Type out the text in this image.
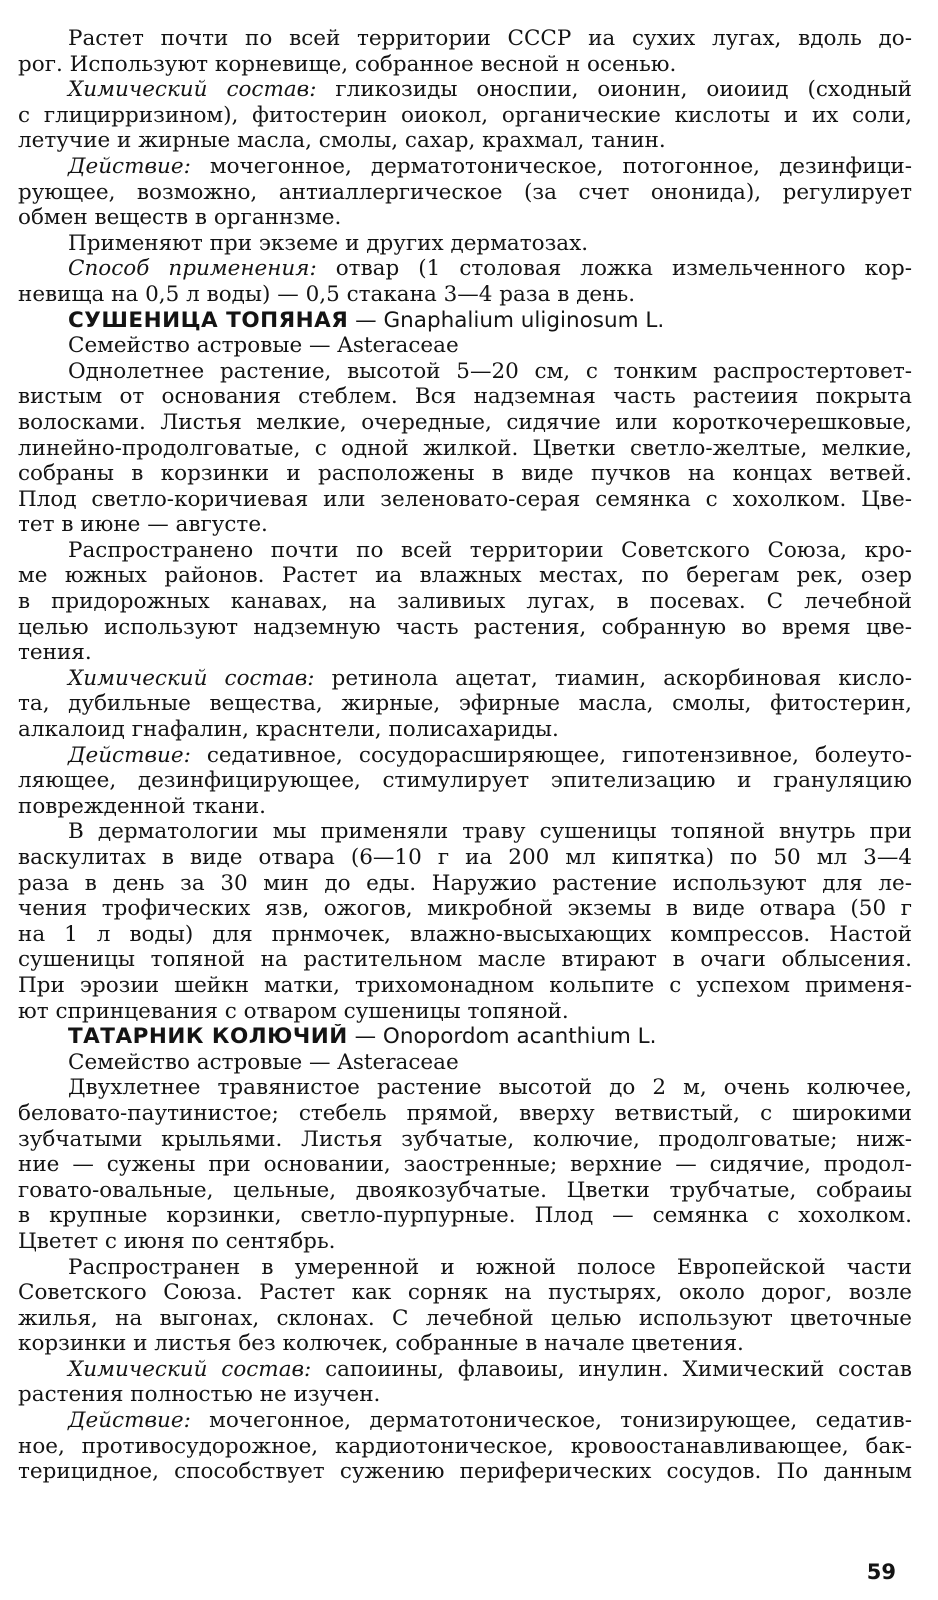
Растет почти по всей территории СССР иа сухих лугах, вдоль до-
рог. Используют корневище, собранное весной н осенью.
Химический состав: гликозиды оноспии, оионин, оиоиид (сходный
с глицирризином), фитостерин оиокол, органические кислоты и их соли,
летучие и жирные масла, смолы, сахар, крахмал, танин.
Действие: мочегонное, дерматотоническое, потогонное, дезинфици-
рующее, возможно, антиаллергическое (за счет ононида), регулирует
обмен веществ в органнзме.
Применяют при экземе и других дерматозах.
Способ применения: отвар (1 столовая ложка измельченного кор-
невища на 0,5 л воды) — 0,5 стакана 3—4 раза в день.
СУШЕНИЦА ТОПЯНАЯ — Gnaphalium uliginosum L.
Семейство астровые — Asteraceae
Однолетнее растение, высотой 5—20 см, с тонким распростертовет-
вистым от основания стеблем. Вся надземная часть растеиия покрыта
волосками. Листья мелкие, очередные, сидячие или короткочерешковые,
линейно-продолговатые, с одной жилкой. Цветки светло-желтые, мелкие,
собраны в корзинки и расположены в виде пучков на концах ветвей.
Плод светло-коричиевая или зеленовато-серая семянка с хохолком. Цве-
тет в июне — августе.
Распространено почти по всей территории Советского Союза, кро-
ме южных районов. Растет иа влажных местах, по берегам рек, озер
в придорожных канавах, на заливиых лугах, в посевах. С лечебной
целью используют надземную часть растения, собранную во время цве-
тения.
Химический состав: ретинола ацетат, тиамин, аскорбиновая кислo-
та, дубильные вещества, жирные, эфирные масла, смолы, фитостерин,
алкалоид гнафалин, краснтели, полисахариды.
Действие: седативное, сосудорасширяющее, гипотензивное, болеуто-
ляющее, дезинфицирующее, стимулирует эпителизацию и грануляцию
поврежденной ткани.
В дерматологии мы применяли траву сушеницы топяной внутрь при
васкулитах в виде отвара (6—10 г иа 200 мл кипятка) по 50 мл 3—4
раза в день за 30 мин до еды. Наружио растение используют для ле-
чения трофических язв, ожогов, микробной экземы в виде отвара (50 г
на 1 л воды) для прнмочек, влажно-высыхающих компрессов. Настой
сушеницы топяной на растительном масле втирают в очаги облысения.
При эрозии шейкн матки, трихомонадном кольпите с успехом применя-
ют спринцевания с отваром сушеницы топяной.
ТАТАРНИК КОЛЮЧИЙ — Onopordom acanthium L.
Семейство астровые — Asteraceae
Двухлетнее травянистое растение высотой до 2 м, очень колючее,
беловато-паутинистое; стебель прямой, вверху ветвистый, с широкими
зубчатыми крыльями. Листья зубчатые, колючие, продолговатые; ниж-
ние — сужены при основании, заостренные; верхние — сидячие, продол-
говато-овальные, цельные, двоякозубчатые. Цветки трубчатые, собраиы
в крупные корзинки, светло-пурпурные. Плод — семянка с хохолком.
Цветет с июня по сентябрь.
Распространен в умеренной и южной полосе Европейской части
Советского Союза. Растет как сорняк на пустырях, около дорог, возле
жилья, на выгонах, склонах. С лечебной целью используют цветочные
корзинки и листья без колючек, собранные в начале цветения.
Химический состав: сапоиины, флавоиы, инулин. Химический состав
растения полностью не изучен.
Действие: мочегонное, дерматотоническое, тонизирующее, седатив-
ное, противосудорожное, кардиотоническое, кровоостанавливающее, бак-
терицидное, способствует сужению периферических сосудов. По данным
59
